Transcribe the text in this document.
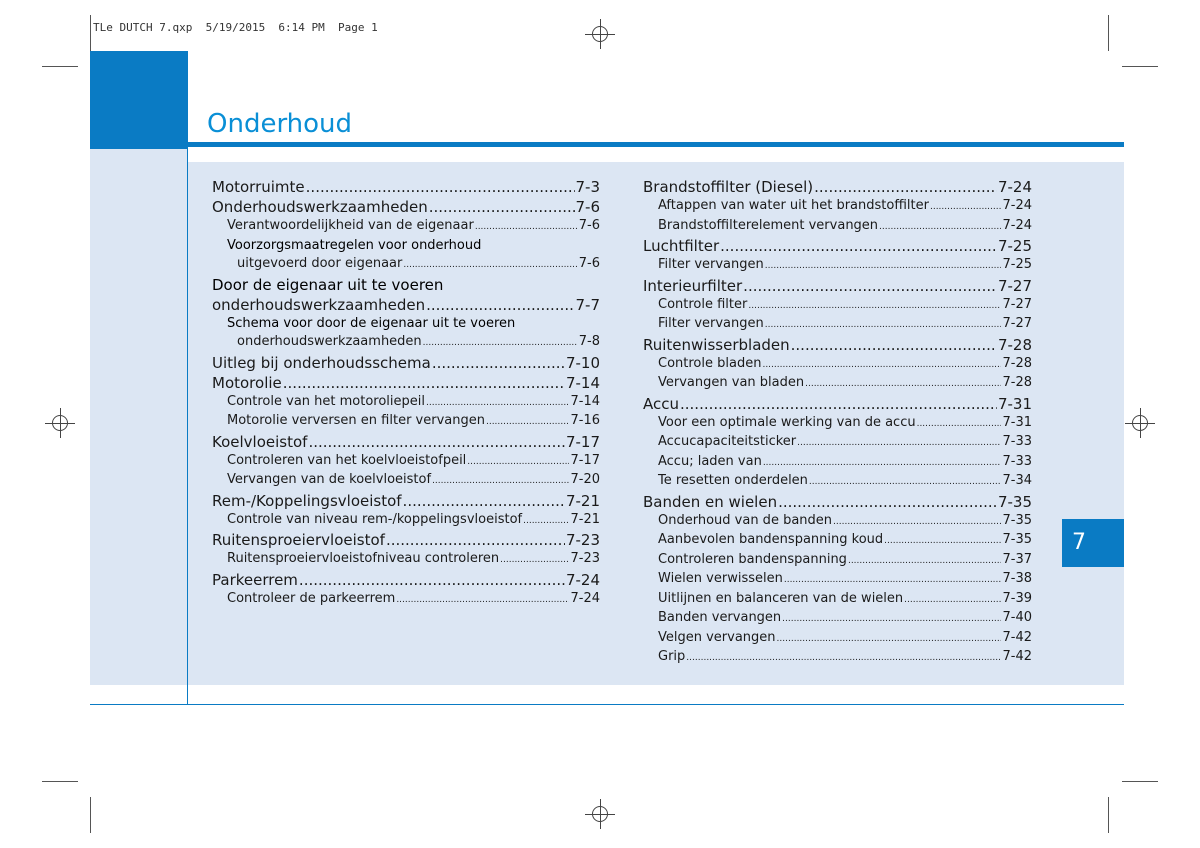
TLe DUTCH 7.qxp  5/19/2015  6:14 PM  Page 1
Onderhoud
Motorruimte .....	7-3
Onderhoudswerkzaamheden .....	7-6
Verantwoordelijkheid van de eigenaar .....	7-6
Voorzorgsmaatregelen voor onderhoud
uitgevoerd door eigenaar .....	7-6
Door de eigenaar uit te voeren
onderhoudswerkzaamheden .....	7-7
Schema voor door de eigenaar uit te voeren
onderhoudswerkzaamheden .....	7-8
Uitleg bij onderhoudsschema .....	7-10
Motorolie .....	7-14
Controle van het motoroliepeil .....	7-14
Motorolie verversen en filter vervangen .....	7-16
Koelvloeistof .....	7-17
Controleren van het koelvloeistofpeil .....	7-17
Vervangen van de koelvloeistof .....	7-20
Rem-/Koppelingsvloeistof .....	7-21
Controle van niveau rem-/koppelingsvloeistof .....	7-21
Ruitensproeiervloeistof .....	7-23
Ruitensproeiervloeistofniveau controleren .....	7-23
Parkeerrem .....	7-24
Controleer de parkeerrem .....	7-24
Brandstoffilter (Diesel) .....	7-24
Aftappen van water uit het brandstoffilter .....	7-24
Brandstoffilterelement vervangen .....	7-24
Luchtfilter .....	7-25
Filter vervangen .....	7-25
Interieurfilter .....	7-27
Controle filter .....	7-27
Filter vervangen .....	7-27
Ruitenwisserbladen .....	7-28
Controle bladen .....	7-28
Vervangen van bladen .....	7-28
Accu .....	7-31
Voor een optimale werking van de accu .....	7-31
Accucapaciteitsticker .....	7-33
Accu; laden van .....	7-33
Te resetten onderdelen .....	7-34
Banden en wielen .....	7-35
Onderhoud van de banden .....	7-35
Aanbevolen bandenspanning koud .....	7-35
Controleren bandenspanning .....	7-37
Wielen verwisselen .....	7-38
Uitlijnen en balanceren van de wielen .....	7-39
Banden vervangen .....	7-40
Velgen vervangen .....	7-42
Grip .....	7-42
7
